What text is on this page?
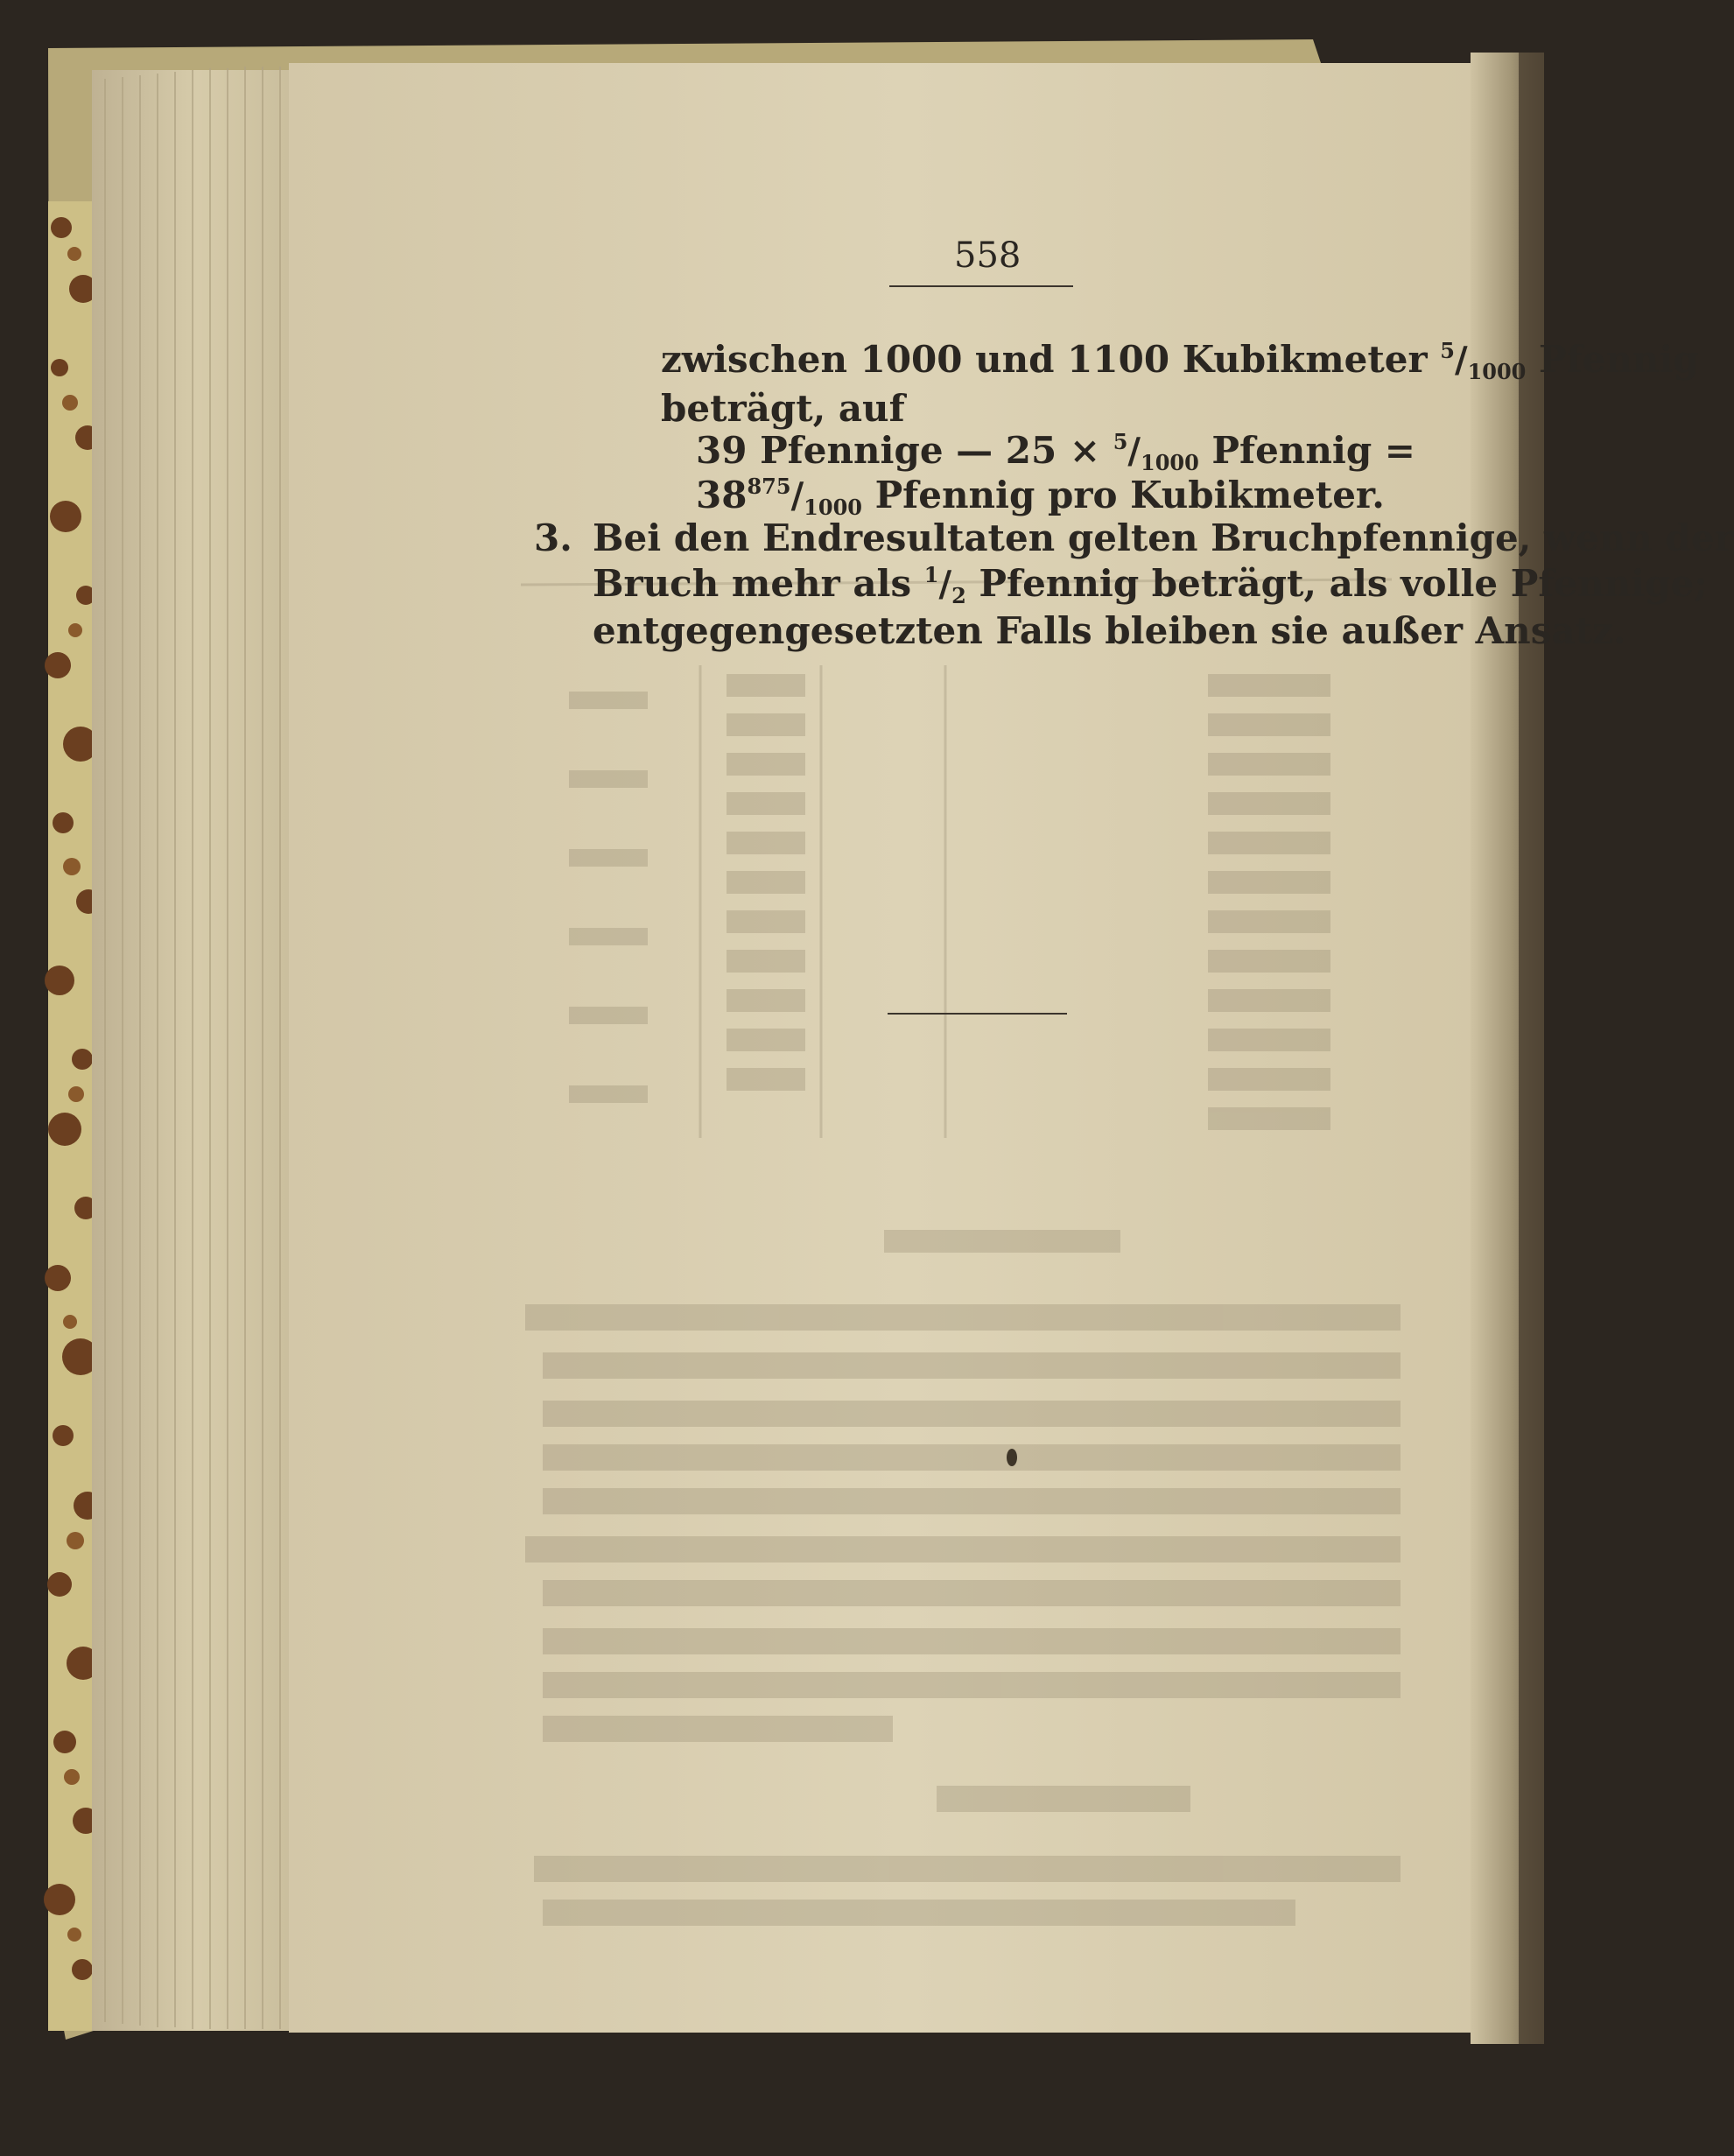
558
zwischen 1000 und 1100 Kubikmeter $^5/_{1000}$ Pfennig
beträgt, auf
39 Pfennige — $25 \times ^5/_{1000}$ Pfennig =
$38^{875}/_{1000}$ Pfennig pro Kubikmeter.
3. Bei den Endresultaten gelten Bruchpfennige, wenn der
Bruch mehr als $^1/_2$ Pfennig beträgt, als volle Pfennige;
entgegengesetzten Falls bleiben sie außer Ansatz.
